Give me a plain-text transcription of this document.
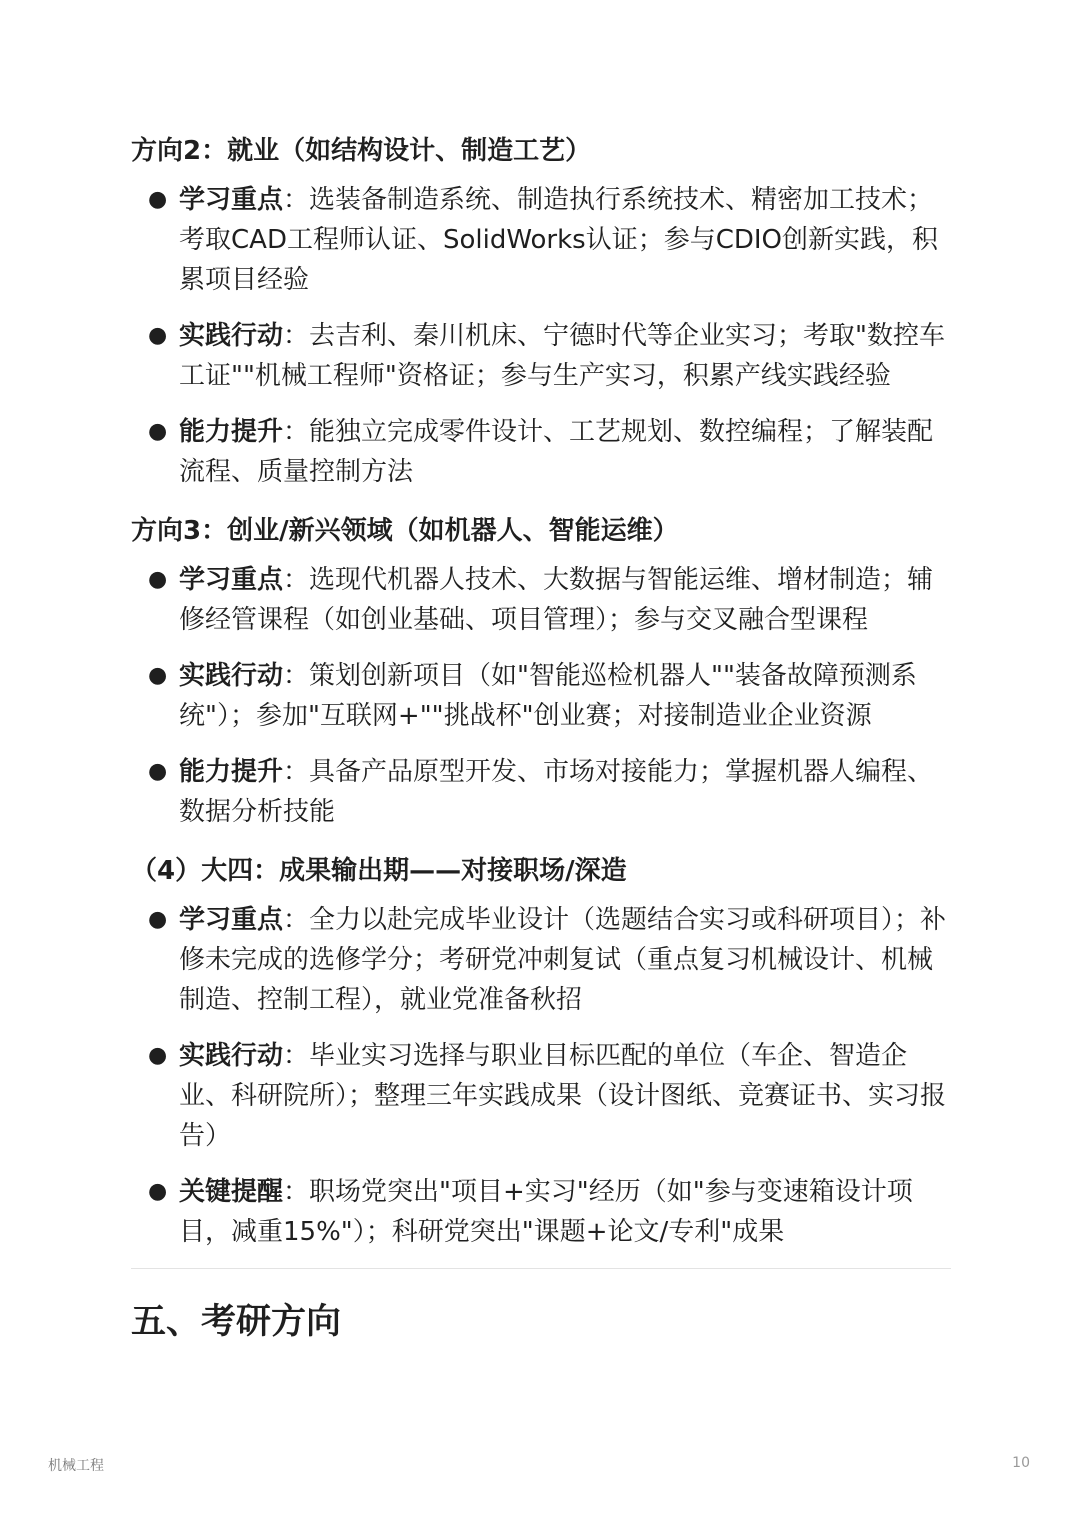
方向2：就业（如结构设计、制造工艺）
● 学习重点：选装备制造系统、制造执行系统技术、精密加工技术；考取CAD工程师认证、SolidWorks认证；参与CDIO创新实践，积累项目经验
● 实践行动：去吉利、秦川机床、宁德时代等企业实习；考取"数控车工证""机械工程师"资格证；参与生产实习，积累产线实践经验
● 能力提升：能独立完成零件设计、工艺规划、数控编程；了解装配流程、质量控制方法
方向3：创业/新兴领域（如机器人、智能运维）
● 学习重点：选现代机器人技术、大数据与智能运维、增材制造；辅修经管课程（如创业基础、项目管理）；参与交叉融合型课程
● 实践行动：策划创新项目（如"智能巡检机器人""装备故障预测系统"）；参加"互联网+""挑战杯"创业赛；对接制造业企业资源
● 能力提升：具备产品原型开发、市场对接能力；掌握机器人编程、数据分析技能
（4）大四：成果输出期——对接职场/深造
● 学习重点：全力以赴完成毕业设计（选题结合实习或科研项目）；补修未完成的选修学分；考研党冲刺复试（重点复习机械设计、机械制造、控制工程），就业党准备秋招
● 实践行动：毕业实习选择与职业目标匹配的单位（车企、智造企业、科研院所）；整理三年实践成果（设计图纸、竞赛证书、实习报告）
● 关键提醒：职场党突出"项目+实习"经历（如"参与变速箱设计项目，减重15%"）；科研党突出"课题+论文/专利"成果
五、考研方向
机械工程	10
